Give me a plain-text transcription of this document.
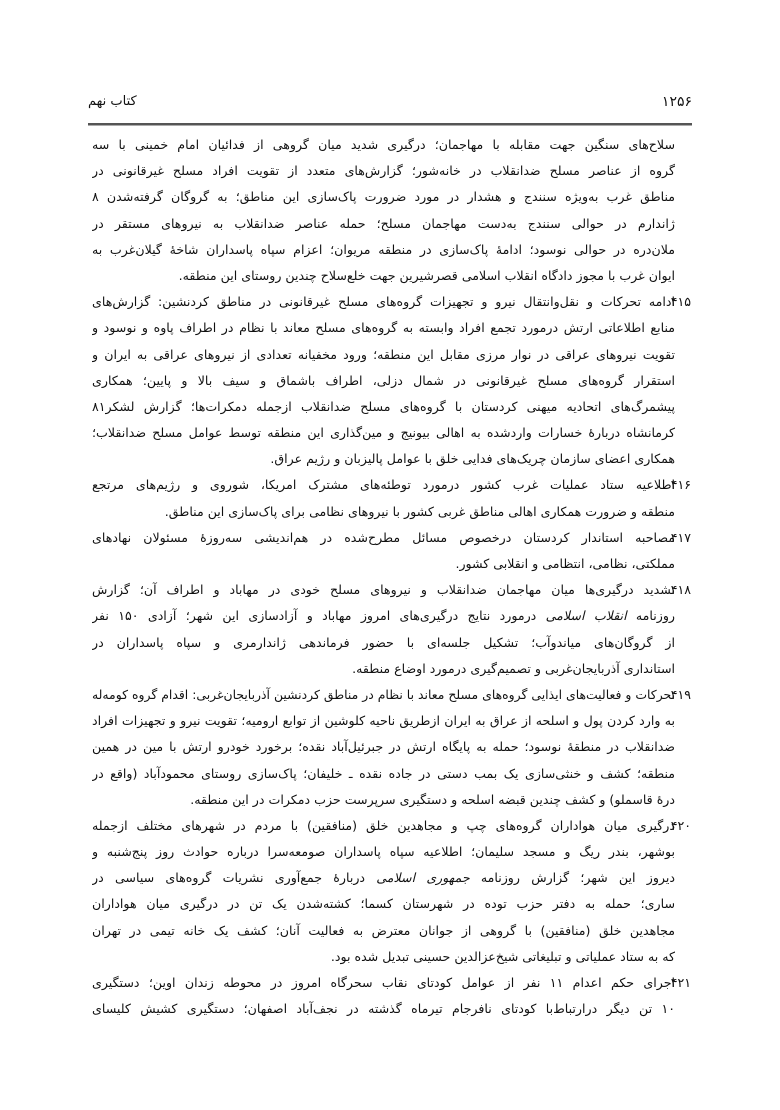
۱۲۵۶
کتاب نهم
سلاح‌های سنگین جهت مقابله با مهاجمان؛ درگیری شدید میان گروهی از فدائیان امام خمینی با سه
گروه از عناصر مسلح ضدانقلاب در خانه‌شور؛ گزارش‌های متعدد از تقویت افراد مسلح غیرقانونی در
مناطق غرب به‌ویژه سنندج و هشدار در مورد ضرورت پاک‌سازی این مناطق؛ به گروگان گرفته‌شدن ۸
ژاندارم در حوالی سنندج به‌دست مهاجمان مسلح؛ حمله عناصر ضدانقلاب به نیروهای مستقر در
ملان‌دره در حوالی نوسود؛ ادامهٔ پاک‌سازی در منطقه مریوان؛ اعزام سپاه پاسداران شاخهٔ گیلان‌غرب به
ایوان غرب با مجوز دادگاه انقلاب اسلامی قصرشیرین جهت خلع‌سلاح چندین روستای این منطقه.
۴۱۵
ادامه تحرکات و نقل‌وانتقال نیرو و تجهیزات گروه‌های مسلح غیرقانونی در مناطق کردنشین: گزارش‌های
منابع اطلاعاتی ارتش درمورد تجمع افراد وابسته به گروه‌های مسلح معاند با نظام در اطراف پاوه و نوسود و
تقویت نیروهای عراقی در نوار مرزی مقابل این منطقه؛ ورود مخفیانه تعدادی از نیروهای عراقی به ایران و
استقرار گروه‌های مسلح غیرقانونی در شمال دزلی، اطراف باشماق و سیف بالا و پایین؛ همکاری
پیشمرگ‌های اتحادیه میهنی کردستان با گروه‌های مسلح ضدانقلاب ازجمله دمکرات‌ها؛ گزارش لشکر۸۱
کرمانشاه دربارهٔ خسارات واردشده به اهالی بیونیج و مین‌گذاری این منطقه توسط عوامل مسلح ضدانقلاب؛
همکاری اعضای سازمان چریک‌های فدایی خلق با عوامل پالیزبان و رژیم عراق.
۴۱۶
اطلاعیه ستاد عملیات غرب کشور درمورد توطئه‌های مشترک امریکا، شوروی و رژیم‌های مرتجع
منطقه و ضرورت همکاری اهالی مناطق غربی کشور با نیروهای نظامی برای پاک‌سازی این مناطق.
۴۱۷
مصاحبه استاندار کردستان درخصوص مسائل مطرح‌شده در هم‌اندیشی سه‌روزهٔ مسئولان نهادهای
مملکتی، نظامی، انتظامی و انقلابی کشور.
۴۱۸
تشدید درگیری‌ها میان مهاجمان ضدانقلاب و نیروهای مسلح خودی در مهاباد و اطراف آن؛ گزارش
روزنامه انقلاب اسلامی درمورد نتایج درگیری‌های امروز مهاباد و آزادسازی این شهر؛ آزادی ۱۵۰ نفر
از گروگان‌های مياندوآب؛ تشکیل جلسه‌ای با حضور فرماندهی ژاندارمری و سپاه پاسداران در
استانداری آذربایجان‌غربی و تصمیم‌گیری درمورد اوضاع منطقه.
۴۱۹
تحرکات و فعالیت‌های ایذایی گروه‌های مسلح معاند با نظام در مناطق کردنشین آذربایجان‌غربی: اقدام گروه کومه‌له
به وارد کردن پول و اسلحه از عراق به ایران ازطریق ناحیه کلوشین از توابع ارومیه؛ تقویت نیرو و تجهیزات افراد
ضدانقلاب در منطقهٔ نوسود؛ حمله به پایگاه ارتش در جبرئیل‌آباد نقده؛ برخورد خودرو ارتش با مین در همین
منطقه؛ کشف و خنثی‌سازی یک بمب دستی در جاده نقده ـ خلیفان؛ پاک‌سازی روستای محمودآباد (واقع در
درهٔ قاسملو) و کشف چندین قبضه اسلحه و دستگیری سرپرست حزب دمکرات در این منطقه.
۴۲۰
درگیری میان هواداران گروه‌های چپ و مجاهدین خلق (منافقین) با مردم در شهرهای مختلف ازجمله
بوشهر، بندر ریگ و مسجد سلیمان؛ اطلاعیه سپاه پاسداران صومعه‌سرا درباره حوادث روز پنج‌شنبه و
دیروز این شهر؛ گزارش روزنامه جمهوری اسلامی دربارهٔ جمع‌آوری نشریات گروه‌های سیاسی در
ساری؛ حمله به دفتر حزب توده در شهرستان کسما؛ کشته‌شدن یک تن در درگیری میان هواداران
مجاهدین خلق (منافقین) با گروهی از جوانان معترض به فعالیت آنان؛ کشف یک خانه تیمی در تهران
که به ستاد عملیاتی و تبلیغاتی شیخ‌عزالدین حسینی تبدیل شده بود.
۴۲۱
اجرای حکم اعدام ۱۱ نفر از عوامل کودتای نقاب سحرگاه امروز در محوطه زندان اوین؛ دستگیری
۱۰ تن دیگر درارتباط‌با کودتای نافرجام تیرماه گذشته در نجف‌آباد اصفهان؛ دستگیری کشیش کلیسای
